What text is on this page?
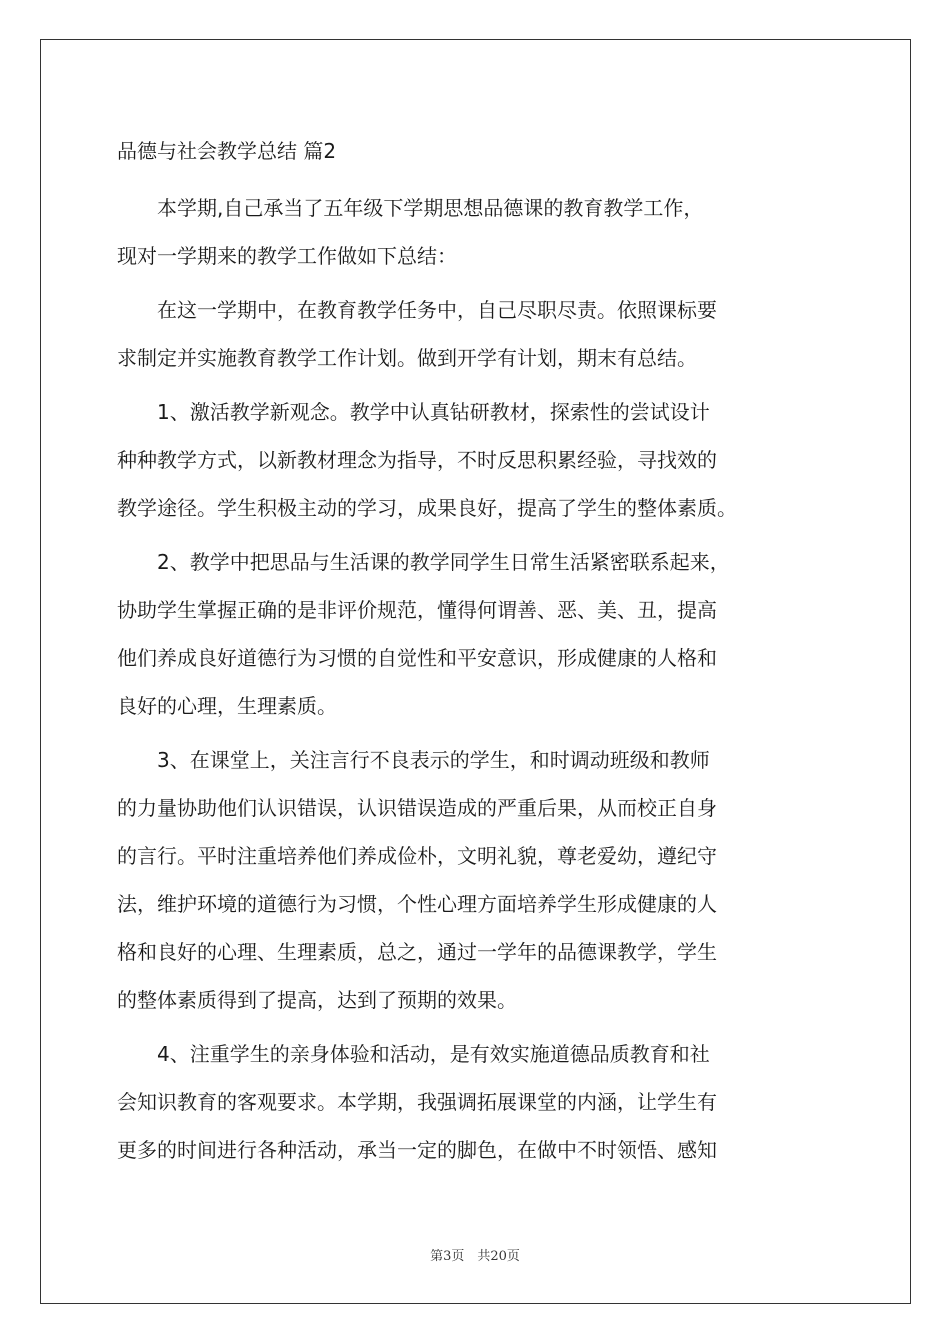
品德与社会教学总结 篇2
　　本学期,自己承当了五年级下学期思想品德课的教育教学工作，
现对一学期来的教学工作做如下总结：
　　在这一学期中，在教育教学任务中，自己尽职尽责。依照课标要
求制定并实施教育教学工作计划。做到开学有计划，期末有总结。
　　1、激活教学新观念。教学中认真钻研教材，探索性的尝试设计
种种教学方式，以新教材理念为指导，不时反思积累经验，寻找效的
教学途径。学生积极主动的学习，成果良好，提高了学生的整体素质。
　　2、教学中把思品与生活课的教学同学生日常生活紧密联系起来，
协助学生掌握正确的是非评价规范，懂得何谓善、恶、美、丑，提高
他们养成良好道德行为习惯的自觉性和平安意识，形成健康的人格和
良好的心理，生理素质。
　　3、在课堂上，关注言行不良表示的学生，和时调动班级和教师
的力量协助他们认识错误，认识错误造成的严重后果，从而校正自身
的言行。平时注重培养他们养成俭朴，文明礼貌，尊老爱幼，遵纪守
法，维护环境的道德行为习惯，个性心理方面培养学生形成健康的人
格和良好的心理、生理素质，总之，通过一学年的品德课教学，学生
的整体素质得到了提高，达到了预期的效果。
　　4、注重学生的亲身体验和活动，是有效实施道德品质教育和社
会知识教育的客观要求。本学期，我强调拓展课堂的内涵，让学生有
更多的时间进行各种活动，承当一定的脚色，在做中不时领悟、感知
第3页　共20页
